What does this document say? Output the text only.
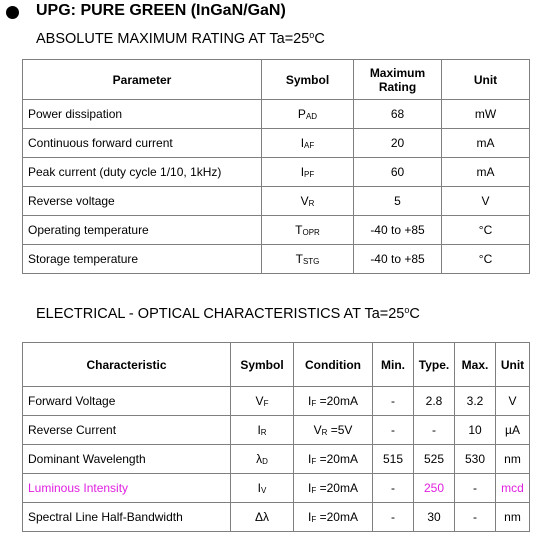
UPG: PURE GREEN (InGaN/GaN)
ABSOLUTE MAXIMUM RATING AT $Ta=25^oC$
Parameter	Symbol	Maximum Rating	Unit
Power dissipation	$P_{AD}$	68	mW
Continuous forward current	$I_{AF}$	20	mA
Peak current (duty cycle 1/10, 1kHz)	$I_{PF}$	60	mA
Reverse voltage	$V_R$	5	V
Operating temperature	$T_{OPR}$	-40 to +85	°C
Storage temperature	$T_{STG}$	-40 to +85	°C
ELECTRICAL - OPTICAL CHARACTERISTICS AT $Ta=25^oC$
Characteristic	Symbol	Condition	Min.	Type.	Max.	Unit
Forward Voltage	$V_F$	$I_F =20mA$	-	2.8	3.2	V
Reverse Current	$I_R$	$V_R =5V$	-	-	10	µA
Dominant Wavelength	$\lambda_D$	$I_F =20mA$	515	525	530	nm
Luminous Intensity	$I_V$	$I_F =20mA$	-	250	-	mcd
Spectral Line Half-Bandwidth	Δλ	$I_F =20mA$	-	30	-	nm
